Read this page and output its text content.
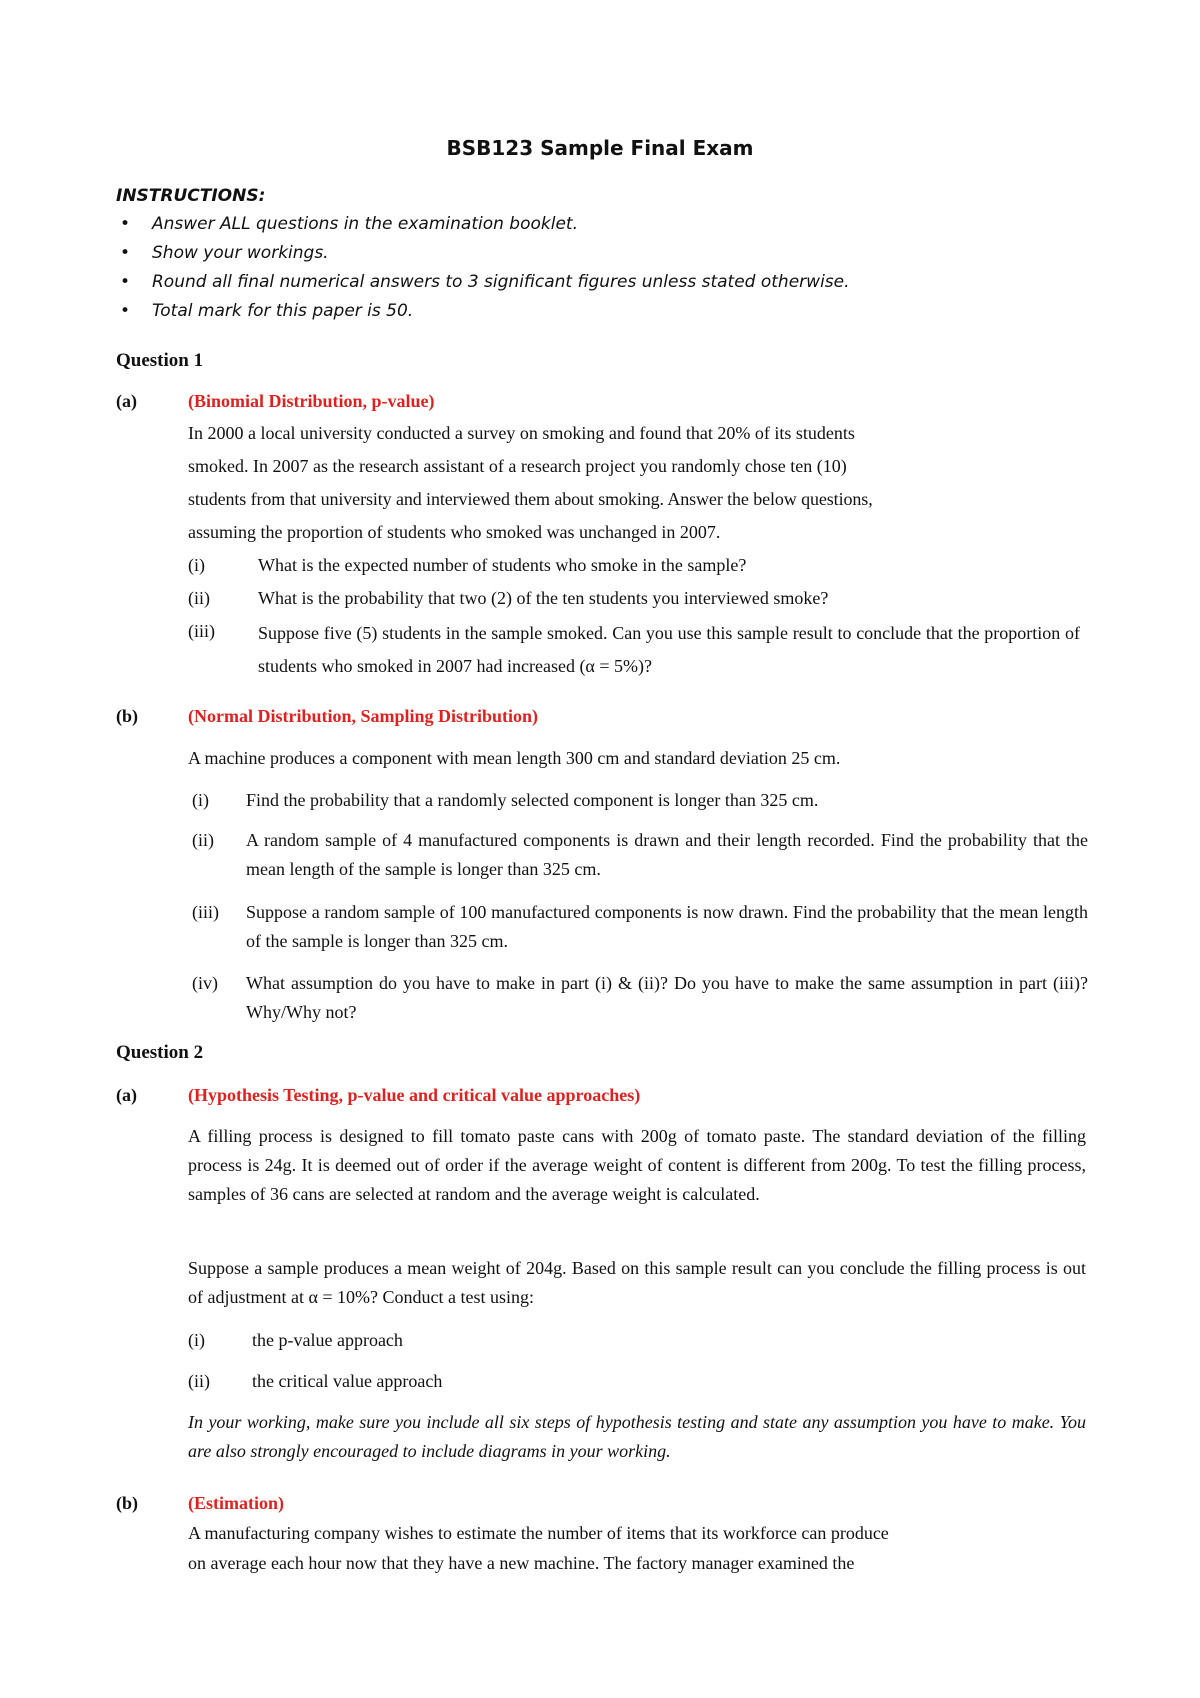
BSB123 Sample Final Exam
INSTRUCTIONS:
• Answer ALL questions in the examination booklet.
• Show your workings.
• Round all final numerical answers to 3 significant figures unless stated otherwise.
• Total mark for this paper is 50.
Question 1
(a)	(Binomial Distribution, p-value)
In 2000 a local university conducted a survey on smoking and found that 20% of its students
smoked. In 2007 as the research assistant of a research project you randomly chose ten (10)
students from that university and interviewed them about smoking. Answer the below questions,
assuming the proportion of students who smoked was unchanged in 2007.
(i)	What is the expected number of students who smoke in the sample?
(ii)	What is the probability that two (2) of the ten students you interviewed smoke?
(iii) Suppose five (5) students in the sample smoked. Can you use this sample result to conclude that the proportion of students who smoked in 2007 had increased (α = 5%)?
(b)	(Normal Distribution, Sampling Distribution)
A machine produces a component with mean length 300 cm and standard deviation 25 cm.
(i) Find the probability that a randomly selected component is longer than 325 cm.
(ii) A random sample of 4 manufactured components is drawn and their length recorded. Find the probability that the mean length of the sample is longer than 325 cm.
(iii) Suppose a random sample of 100 manufactured components is now drawn. Find the probability that the mean length of the sample is longer than 325 cm.
(iv) What assumption do you have to make in part (i) & (ii)? Do you have to make the same assumption in part (iii)? Why/Why not?
Question 2
(a)	(Hypothesis Testing, p-value and critical value approaches)
A filling process is designed to fill tomato paste cans with 200g of tomato paste. The standard deviation of the filling process is 24g. It is deemed out of order if the average weight of content is different from 200g. To test the filling process, samples of 36 cans are selected at random and the average weight is calculated.
Suppose a sample produces a mean weight of 204g. Based on this sample result can you conclude the filling process is out of adjustment at α = 10%? Conduct a test using:
(i)	the p-value approach
(ii) the critical value approach
In your working, make sure you include all six steps of hypothesis testing and state any assumption you have to make. You are also strongly encouraged to include diagrams in your working.
(b)	(Estimation)
A manufacturing company wishes to estimate the number of items that its workforce can produce
on average each hour now that they have a new machine. The factory manager examined the
